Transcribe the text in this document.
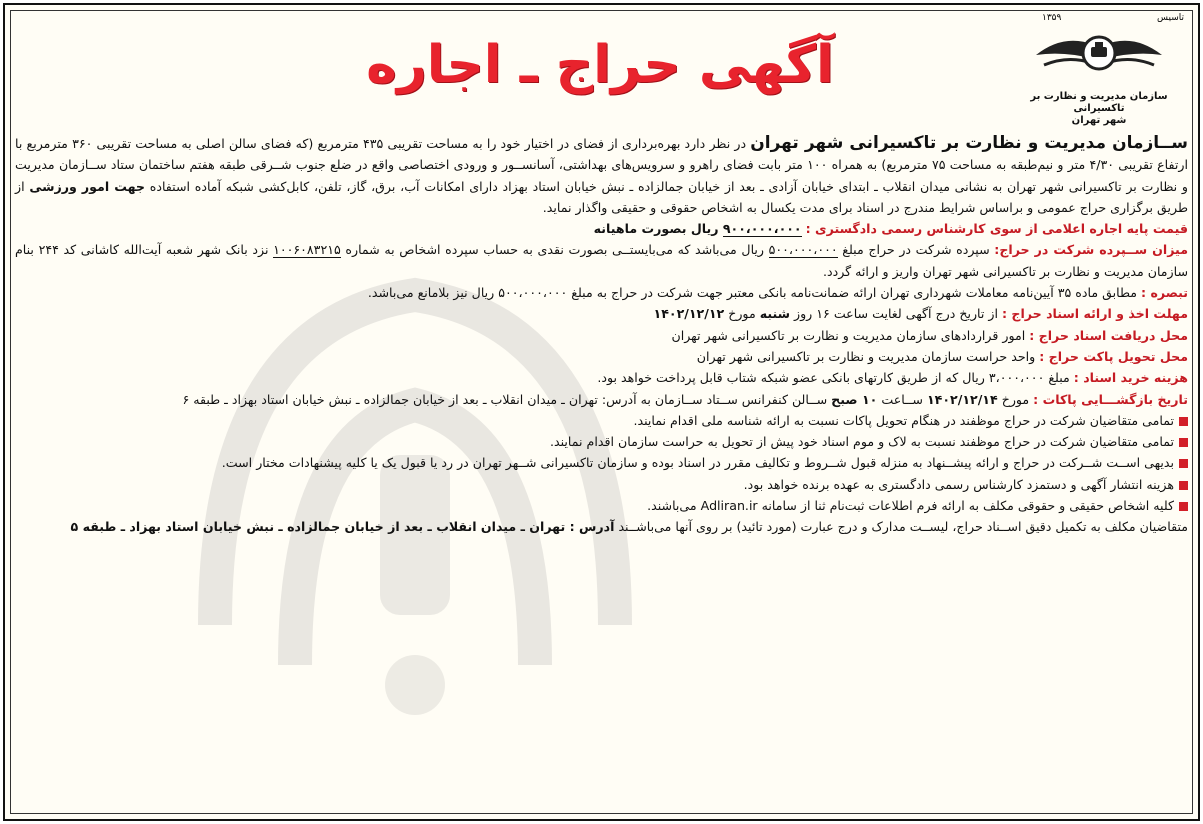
تاسیس
۱۳۵۹
سازمان مدیریت و نظارت بر تاکسیرانی
شهر تهران
آگهی حراج ـ اجاره

ســازمان مدیریت و نظارت بر تاکسیرانی شهر تهران در نظر دارد بهره‌برداری از فضای در اختیار خود را به مساحت تقریبی ۴۳۵ مترمربع (که فضای سالن اصلی به مساحت تقریبی ۳۶۰ مترمربع با ارتفاع تقریبی ۴/۳۰ متر و نیم‌طبقه به مساحت ۷۵ مترمربع) به همراه ۱۰۰ متر بابت فضای راهرو و سرویس‌های بهداشتی، آسانســور و ورودی اختصاصی واقع در ضلع جنوب شــرقی طبقه هفتم ساختمان ستاد ســازمان مدیریت و نظارت بر تاکسیرانی شهر تهران به نشانی میدان انقلاب ـ ابتدای خیابان آزادی ـ بعد از خیابان جمالزاده ـ نبش خیابان استاد بهزاد دارای امکانات آب، برق، گاز، تلفن، کابل‌کشی شبکه آماده استفاده جهت امور ورزشی از طریق برگزاری حراج عمومی و براساس شرایط مندرج در اسناد برای مدت یکسال به اشخاص حقوقی و حقیقی واگذار نماید.

قیمت پایه اجاره اعلامی از سوی کارشناس رسمی دادگستری : ۹۰۰،۰۰۰،۰۰۰ ریال بصورت ماهیانه

میزان ســپرده شرکت در حراج: سپرده شرکت در حراج مبلغ ۵۰۰،۰۰۰،۰۰۰ ریال می‌باشد که می‌بایستــی بصورت نقدی به حساب سپرده اشخاص به شماره ۱۰۰۶۰۸۳۲۱۵ نزد بانک شهر شعبه آیت‌الله کاشانی کد ۲۴۴ بنام سازمان مدیریت و نظارت بر تاکسیرانی شهر تهران واریز و ارائه گردد.

تبصره : مطابق ماده ۳۵ آیین‌نامه معاملات شهرداری تهران ارائه ضمانت‌نامه بانکی معتبر جهت شرکت در حراج به مبلغ ۵۰۰،۰۰۰،۰۰۰ ریال نیز بلامانع می‌باشد.

مهلت اخذ و ارائه اسناد حراج : از تاریخ درج آگهی لغایت ساعت ۱۶ روز شنبه مورخ ۱۴۰۲/۱۲/۱۲

محل دریافت اسناد حراج : امور قراردادهای سازمان مدیریت و نظارت بر تاکسیرانی شهر تهران

محل تحویل پاکت حراج : واحد حراست سازمان مدیریت و نظارت بر تاکسیرانی شهر تهران

هزینه خرید اسناد : مبلغ ۳،۰۰۰،۰۰۰ ریال که از طریق کارتهای بانکی عضو شبکه شتاب قابل پرداخت خواهد بود.

تاریخ بازگشـــایی پاکات : مورخ ۱۴۰۲/۱۲/۱۴ ســاعت ۱۰ صبح ســالن کنفرانس ســتاد ســازمان به آدرس: تهران ـ میدان انقلاب ـ بعد از خیابان جمالزاده ـ نبش خیابان استاد بهزاد ـ طبقه ۶

تمامی متقاضیان شرکت در حراج موظفند در هنگام تحویل پاکات نسبت به ارائه شناسه ملی اقدام نمایند.

تمامی متقاضیان شرکت در حراج موظفند نسبت به لاک و موم اسناد خود پیش از تحویل به حراست سازمان اقدام نمایند.

بدیهی اســت شــرکت در حراج و ارائه پیشــنهاد به منزله قبول شــروط و تکالیف مقرر در اسناد بوده و سازمان تاکسیرانی شــهر تهران در رد یا قبول یک یا کلیه پیشنهادات مختار است.

هزینه انتشار آگهی و دستمزد کارشناس رسمی دادگستری به عهده برنده خواهد بود.

کلیه اشخاص حقیقی و حقوقی مکلف به ارائه فرم اطلاعات ثبت‌نام ثنا از سامانه Adliran.ir می‌باشند.

متقاضیان مکلف به تکمیل دقیق اســناد حراج، لیســت مدارک و درج عبارت (مورد تائید) بر روی آنها می‌باشــند آدرس : تهران ـ میدان انقلاب ـ بعد از خیابان جمالزاده ـ نبش خیابان استاد بهزاد ـ طبقه ۵
